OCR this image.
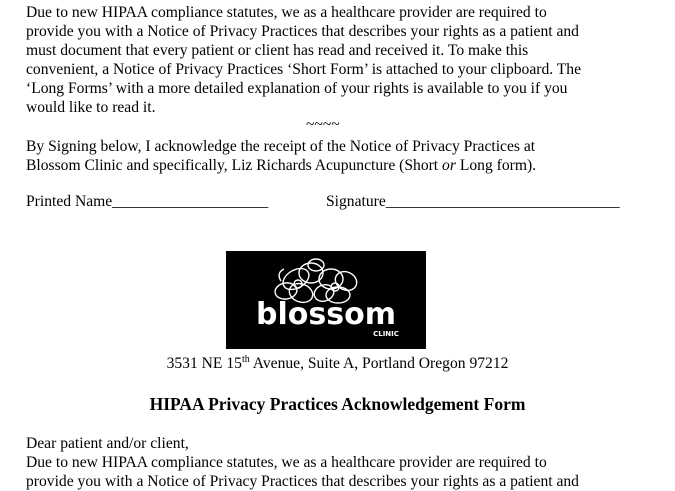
Due to new HIPAA compliance statutes, we as a healthcare provider are required to

provide you with a Notice of Privacy Practices that describes your rights as a patient and

must document that every patient or client has read and received it. To make this

convenient, a Notice of Privacy Practices ‘Short Form’ is attached to your clipboard. The

‘Long Forms’ with a more detailed explanation of your rights is available to you if you

would like to read it.

~~~~

By Signing below, I acknowledge the receipt of the Notice of Privacy Practices at

Blossom Clinic and specifically, Liz Richards Acupuncture (Short or Long form).

Printed Name____________________	Signature______________________________
blossom
CLINIC
3531 NE 15th Avenue, Suite A, Portland Oregon 97212
HIPAA Privacy Practices Acknowledgement Form

Dear patient and/or client,

Due to new HIPAA compliance statutes, we as a healthcare provider are required to

provide you with a Notice of Privacy Practices that describes your rights as a patient and
